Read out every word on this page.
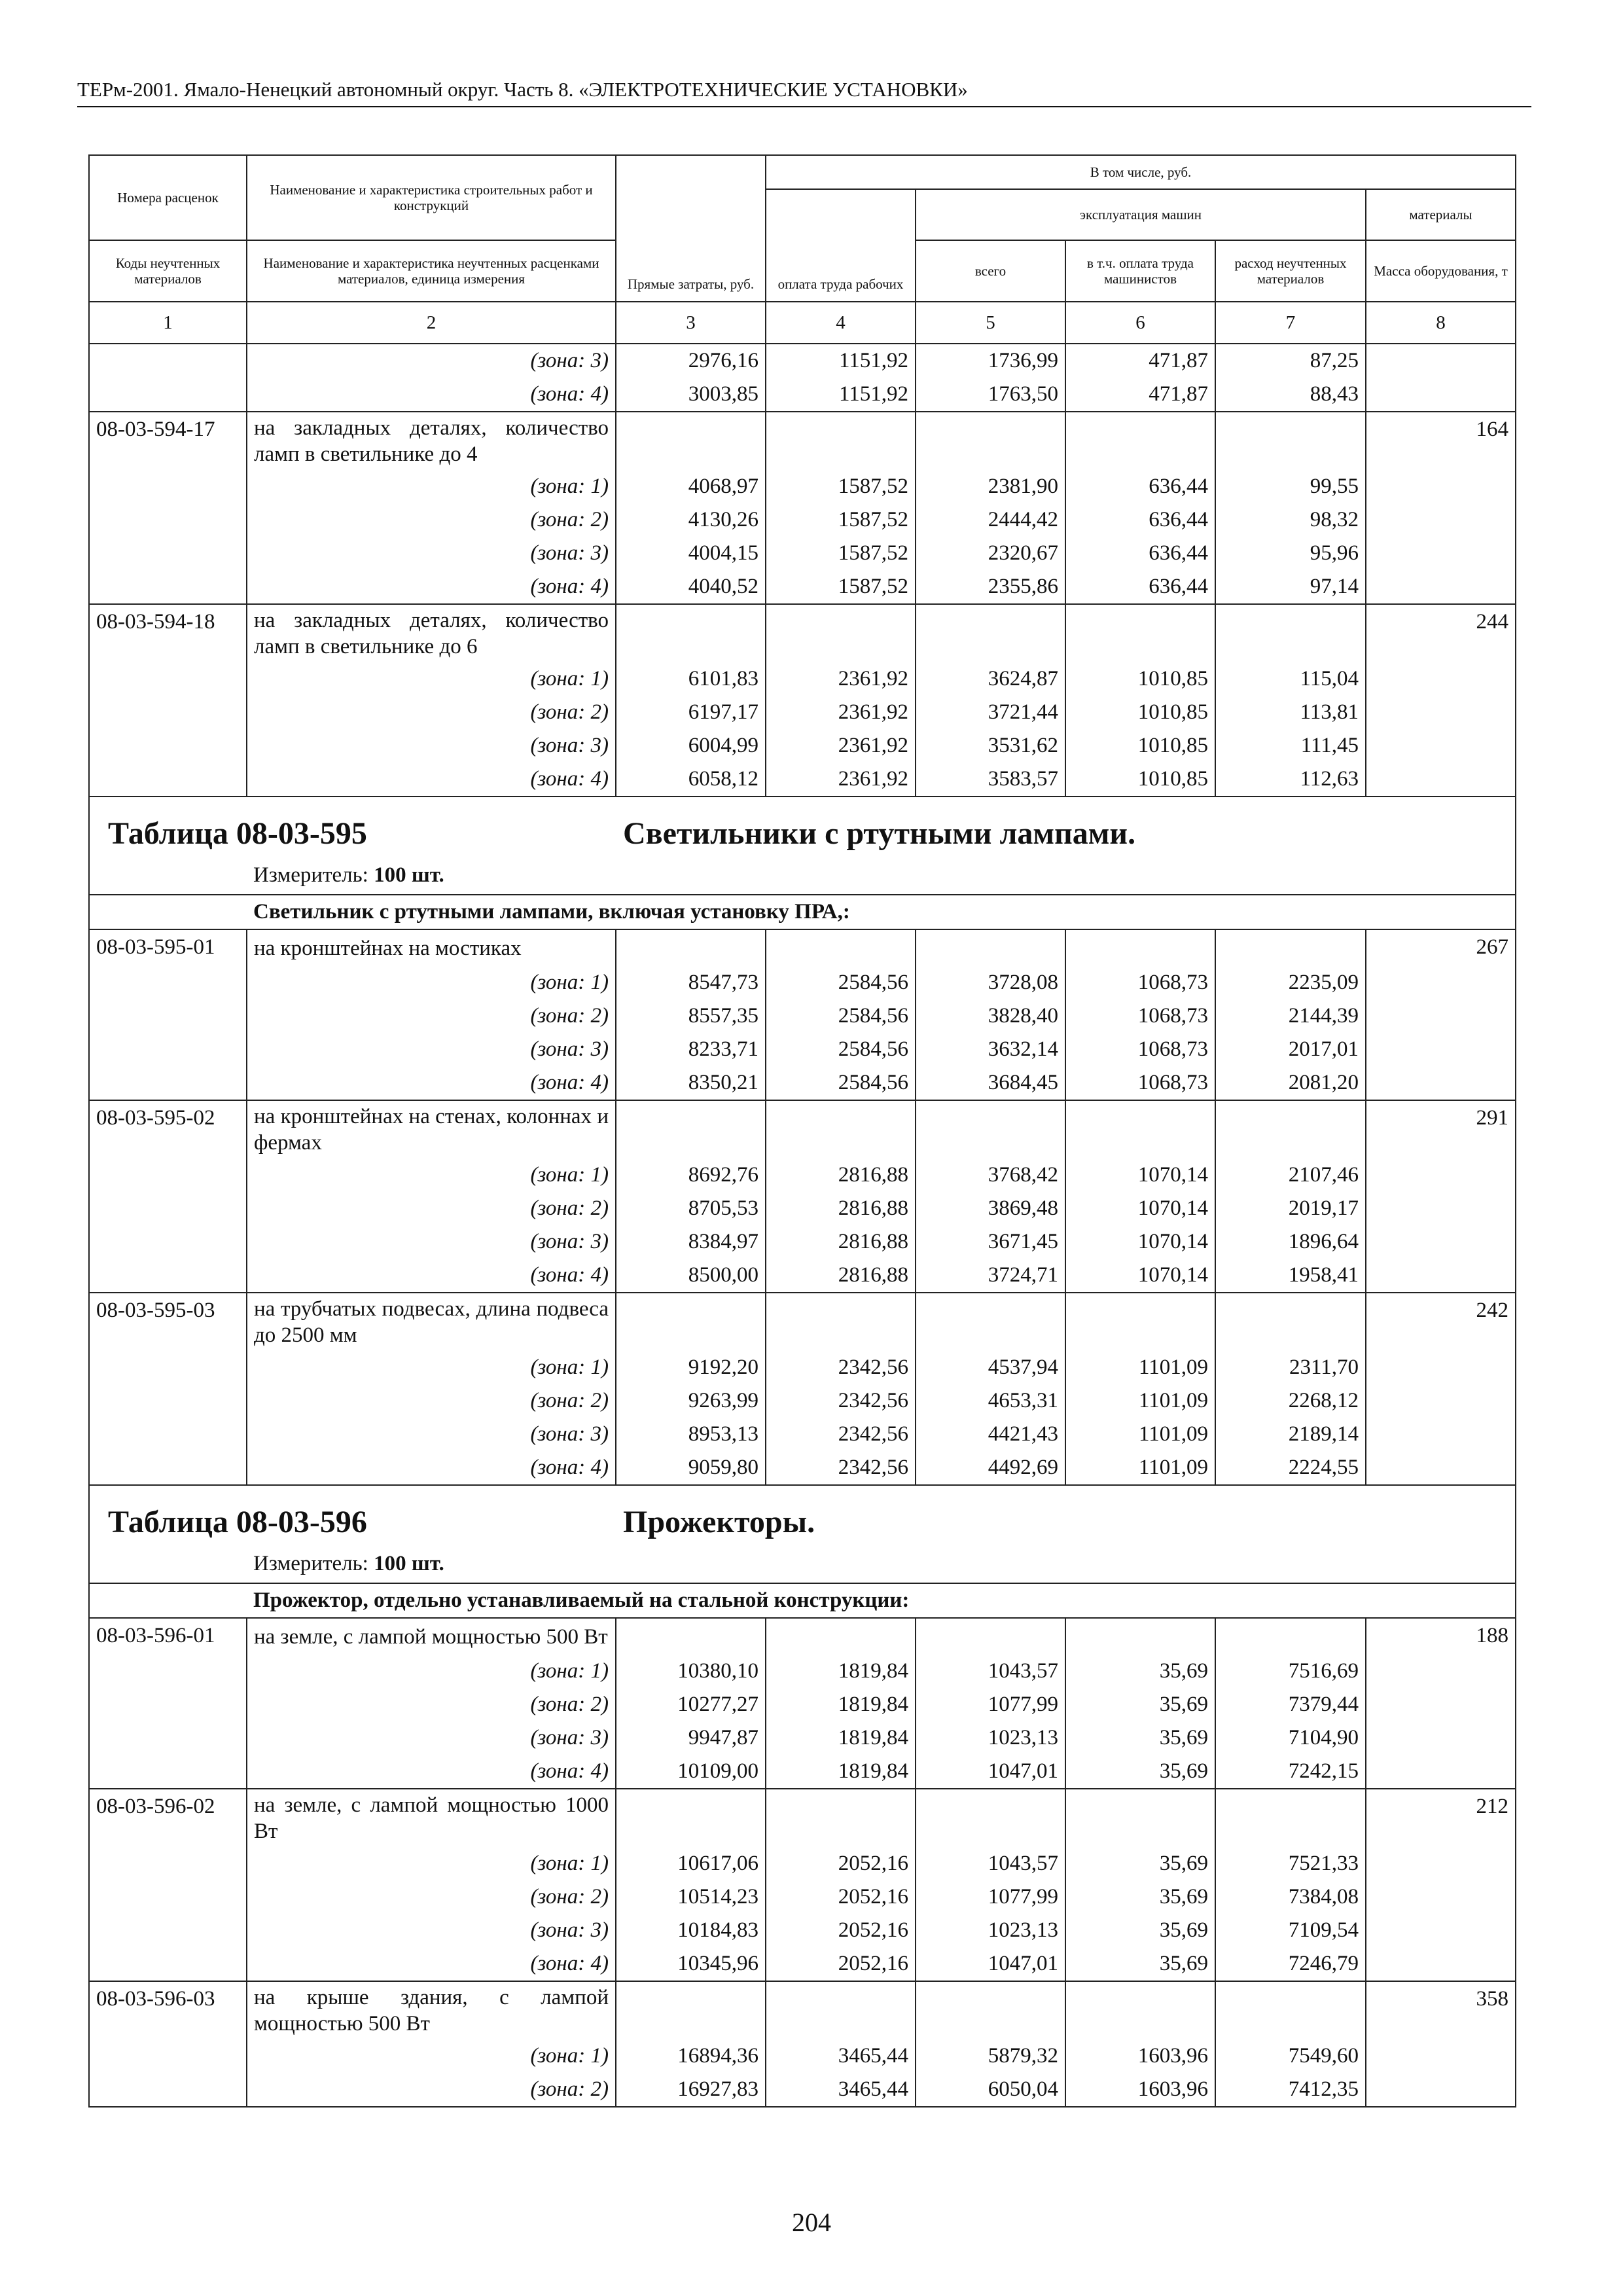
ТЕРм-2001. Ямало-Ненецкий автономный округ. Часть 8. «ЭЛЕКТРОТЕХНИЧЕСКИЕ УСТАНОВКИ»
Номера расценок	Наименование и характеристика строительных работ и конструкций	Прямые затраты, руб.	В том числе, руб.	
			оплата труда рабочих	эксплуатация машин			материалы	
Коды неучтенных материалов	Наименование и характеристика неучтенных расценками материалов, единица измерения			всего	в т.ч. оплата труда машинистов	расход неучтенных материалов	Масса оборудования, т	

1	2	3	4	5	6	7	8	
	(зона: 3)	2976,16	1151,92	1736,99	471,87	87,25		
	(зона: 4)	3003,85	1151,92	1763,50	471,87	88,43		
08-03-594-17	на закладных деталях, количество ламп в светильнике до 4						164	
	(зона: 1)	4068,97	1587,52	2381,90	636,44	99,55		
	(зона: 2)	4130,26	1587,52	2444,42	636,44	98,32		
	(зона: 3)	4004,15	1587,52	2320,67	636,44	95,96		
	(зона: 4)	4040,52	1587,52	2355,86	636,44	97,14		
08-03-594-18	на закладных деталях, количество ламп в светильнике до 6						244	
	(зона: 1)	6101,83	2361,92	3624,87	1010,85	115,04		
	(зона: 2)	6197,17	2361,92	3721,44	1010,85	113,81		
	(зона: 3)	6004,99	2361,92	3531,62	1010,85	111,45		
	(зона: 4)	6058,12	2361,92	3583,57	1010,85	112,63		

Таблица 08-03-595 Светильники с ртутными лампами.
Измеритель: 100 шт.								

Светильник с ртутными лампами, включая установку ПРА,:								
08-03-595-01	на кронштейнах на мостиках						267	
	(зона: 1)	8547,73	2584,56	3728,08	1068,73	2235,09		
	(зона: 2)	8557,35	2584,56	3828,40	1068,73	2144,39		
	(зона: 3)	8233,71	2584,56	3632,14	1068,73	2017,01		
	(зона: 4)	8350,21	2584,56	3684,45	1068,73	2081,20		
08-03-595-02	на кронштейнах на стенах, колоннах и фермах						291	
	(зона: 1)	8692,76	2816,88	3768,42	1070,14	2107,46		
	(зона: 2)	8705,53	2816,88	3869,48	1070,14	2019,17		
	(зона: 3)	8384,97	2816,88	3671,45	1070,14	1896,64		
	(зона: 4)	8500,00	2816,88	3724,71	1070,14	1958,41		
08-03-595-03	на трубчатых подвесах, длина подвеса до 2500 мм						242	
	(зона: 1)	9192,20	2342,56	4537,94	1101,09	2311,70		
	(зона: 2)	9263,99	2342,56	4653,31	1101,09	2268,12		
	(зона: 3)	8953,13	2342,56	4421,43	1101,09	2189,14		
	(зона: 4)	9059,80	2342,56	4492,69	1101,09	2224,55		

Таблица 08-03-596 Прожекторы.
Измеритель: 100 шт.								

Прожектор, отдельно устанавливаемый на стальной конструкции:								
08-03-596-01	на земле, с лампой мощностью 500 Вт						188	
	(зона: 1)	10380,10	1819,84	1043,57	35,69	7516,69		
	(зона: 2)	10277,27	1819,84	1077,99	35,69	7379,44		
	(зона: 3)	9947,87	1819,84	1023,13	35,69	7104,90		
	(зона: 4)	10109,00	1819,84	1047,01	35,69	7242,15		
08-03-596-02	на земле, с лампой мощностью 1000 Вт						212	
	(зона: 1)	10617,06	2052,16	1043,57	35,69	7521,33		
	(зона: 2)	10514,23	2052,16	1077,99	35,69	7384,08		
	(зона: 3)	10184,83	2052,16	1023,13	35,69	7109,54		
	(зона: 4)	10345,96	2052,16	1047,01	35,69	7246,79		
08-03-596-03	на крыше здания, с лампой мощностью 500 Вт						358	
	(зона: 1)	16894,36	3465,44	5879,32	1603,96	7549,60		
	(зона: 2)	16927,83	3465,44	6050,04	1603,96	7412,35		
204
